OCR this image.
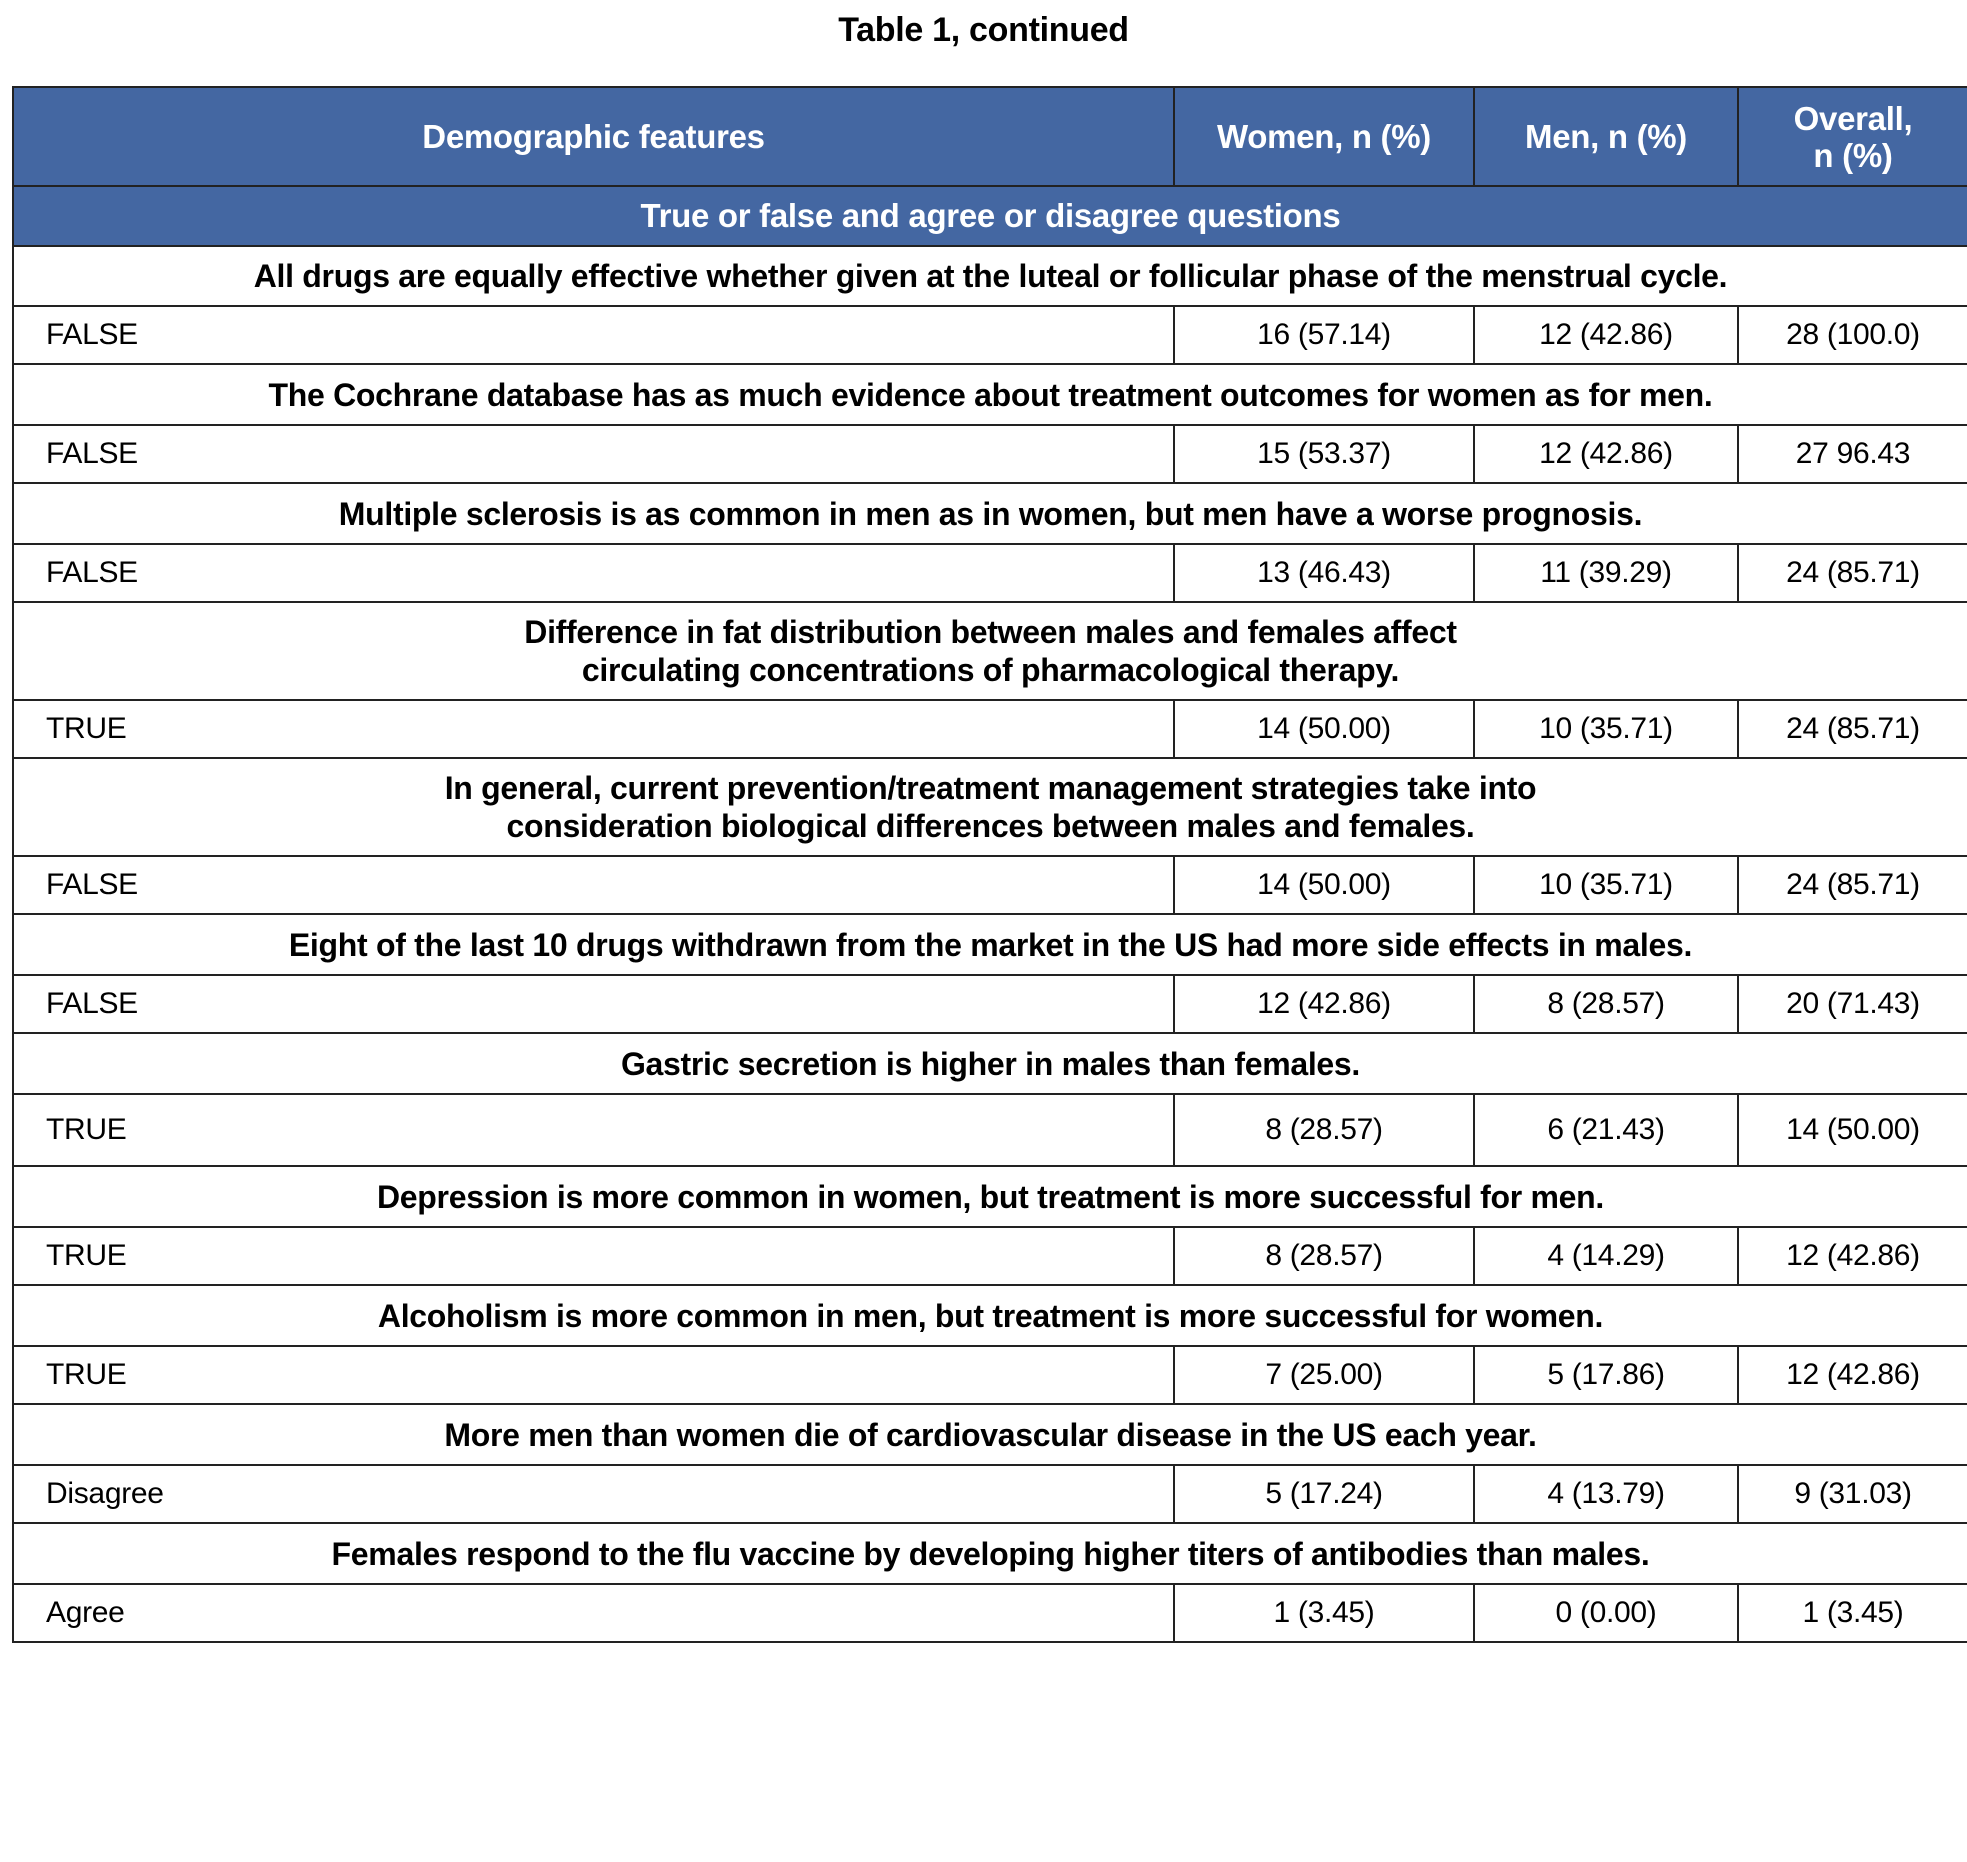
Table 1, continued
Demographic features	Women, n (%)	Men, n (%)	Overall,
n (%)
True or false and agree or disagree questions			
All drugs are equally effective whether given at the luteal or follicular phase of the menstrual cycle.			
FALSE	16 (57.14)	12 (42.86)	28 (100.0)
The Cochrane database has as much evidence about treatment outcomes for women as for men.			
FALSE	15 (53.37)	12 (42.86)	27 96.43
Multiple sclerosis is as common in men as in women, but men have a worse prognosis.			
FALSE	13 (46.43)	11 (39.29)	24 (85.71)
Difference in fat distribution between males and females affect
circulating concentrations of pharmacological therapy.			
TRUE	14 (50.00)	10 (35.71)	24 (85.71)
In general, current prevention/treatment management strategies take into
consideration biological differences between males and females.			
FALSE	14 (50.00)	10 (35.71)	24 (85.71)
Eight of the last 10 drugs withdrawn from the market in the US had more side effects in males.			
FALSE	12 (42.86)	8 (28.57)	20 (71.43)
Gastric secretion is higher in males than females.			
TRUE	8 (28.57)	6 (21.43)	14 (50.00)
Depression is more common in women, but treatment is more successful for men.			
TRUE	8 (28.57)	4 (14.29)	12 (42.86)
Alcoholism is more common in men, but treatment is more successful for women.			
TRUE	7 (25.00)	5 (17.86)	12 (42.86)
More men than women die of cardiovascular disease in the US each year.			
Disagree	5 (17.24)	4 (13.79)	9 (31.03)
Females respond to the flu vaccine by developing higher titers of antibodies than males.			
Agree	1 (3.45)	0 (0.00)	1 (3.45)
